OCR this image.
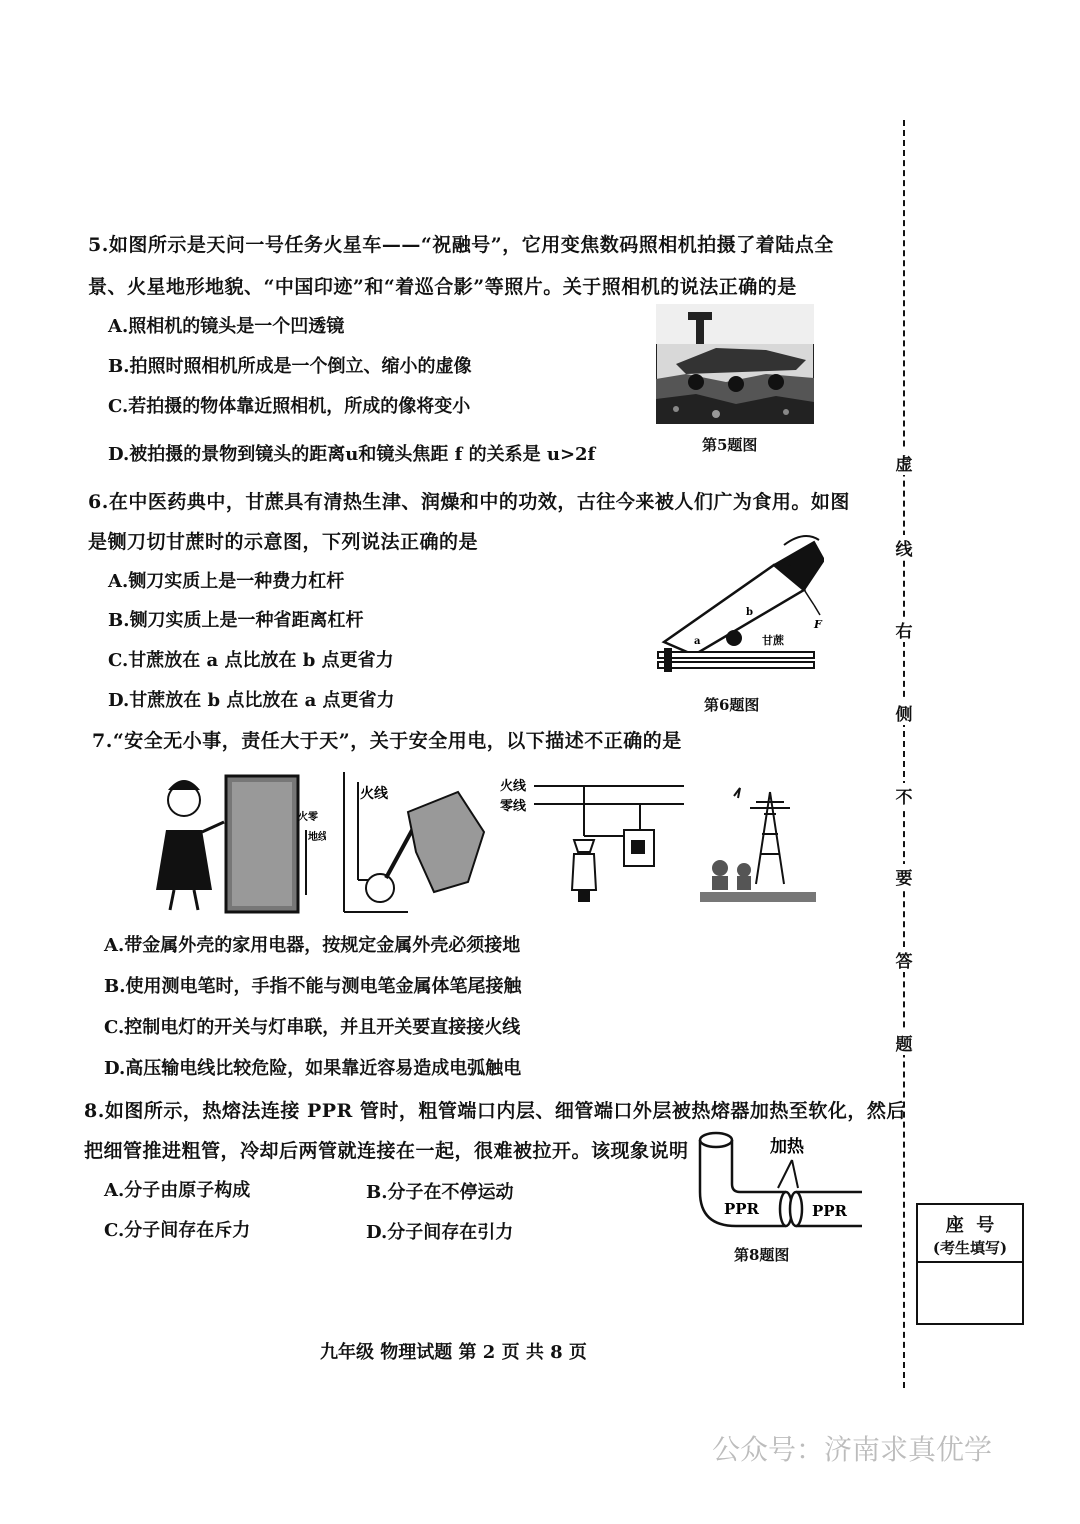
5.如图所示是天问一号任务火星车——“祝融号”，它用变焦数码照相机拍摄了着陆点全
景、火星地形地貌、“中国印迹”和“着巡合影”等照片。关于照相机的说法正确的是
A.照相机的镜头是一个凹透镜
B.拍照时照相机所成是一个倒立、缩小的虚像
C.若拍摄的物体靠近照相机，所成的像将变小
D.被拍摄的景物到镜头的距离u和镜头焦距 f 的关系是 u>2f	第5题图
6.在中医药典中，甘蔗具有清热生津、润燥和中的功效，古往今来被人们广为食用。如图
是铡刀切甘蔗时的示意图，下列说法正确的是
A.铡刀实质上是一种费力杠杆
B.铡刀实质上是一种省距离杠杆
C.甘蔗放在 a 点比放在 b 点更省力
D.甘蔗放在 b 点比放在 a 点更省力
a
b
F
甘蔗
第6题图
7.“安全无小事，责任大于天”，关于安全用电，以下描述不正确的是
火零
地线
火线	火线
零线
A.带金属外壳的家用电器，按规定金属外壳必须接地
B.使用测电笔时，手指不能与测电笔金属体笔尾接触
C.控制电灯的开关与灯串联，并且开关要直接接火线
D.高压输电线比较危险，如果靠近容易造成电弧触电
8.如图所示，热熔法连接 PPR 管时，粗管端口内层、细管端口外层被热熔器加热至软化，然后
把细管推进粗管，冷却后两管就连接在一起，很难被拉开。该现象说明
A.分子由原子构成	B.分子在不停运动
C.分子间存在斥力	D.分子间存在引力
加热
PPR	PPR
第8题图
九年级 物理试题 第 2 页 共 8 页
虚
线
右
侧
不
要
答
题
座  号
(考生填写)
公众号：济南求真优学
